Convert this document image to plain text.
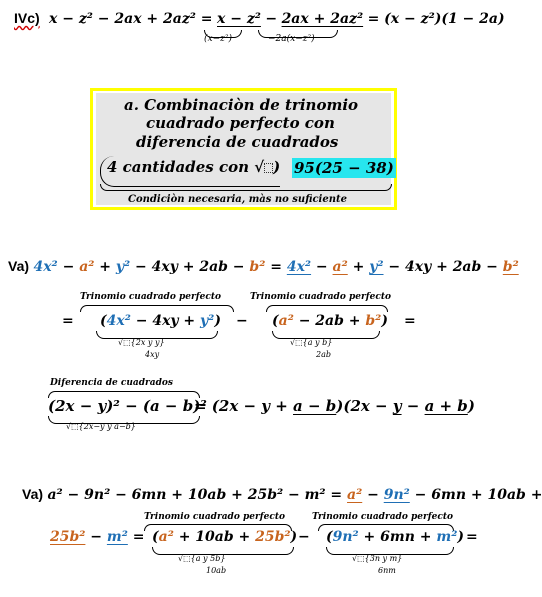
IVc)  x − z² − 2ax + 2az² = x − z² − 2ax + 2az² = (x − z²)(1 − 2a)
(x−z²)	−2a(x−z²)
a. Combinaciòn de trinomio
cuadrado perfecto con
diferencia de cuadrados
4 cantidades con √ ) 95(25 − 38)
Condiciòn necesaria, màs no suficiente
Va) 4x² − a² + y² − 4xy + 2ab − b² = 4x² − a² + y² − 4xy + 2ab − b²
Trinomio cuadrado perfecto	Trinomio cuadrado perfecto
= (4x² − 4xy + y²) − (a² − 2ab + b²) =
√⬚{2x y y}
4xy
√⬚{a y b}
2ab
Diferencia de cuadrados
(2x − y)² − (a − b)²
= (2x − y + a − b)(2x − y − a + b)
√⬚{2x−y y a−b}
Va) a² − 9n² − 6mn + 10ab + 25b² − m² = a² − 9n² − 6mn + 10ab +
Trinomio cuadrado perfecto	Trinomio cuadrado perfecto
25b² − m² = (a² + 10ab + 25b²) − (9n² + 6mn + m²) =
√⬚{a y 5b}
10ab
√⬚{3n y m}
6nm
